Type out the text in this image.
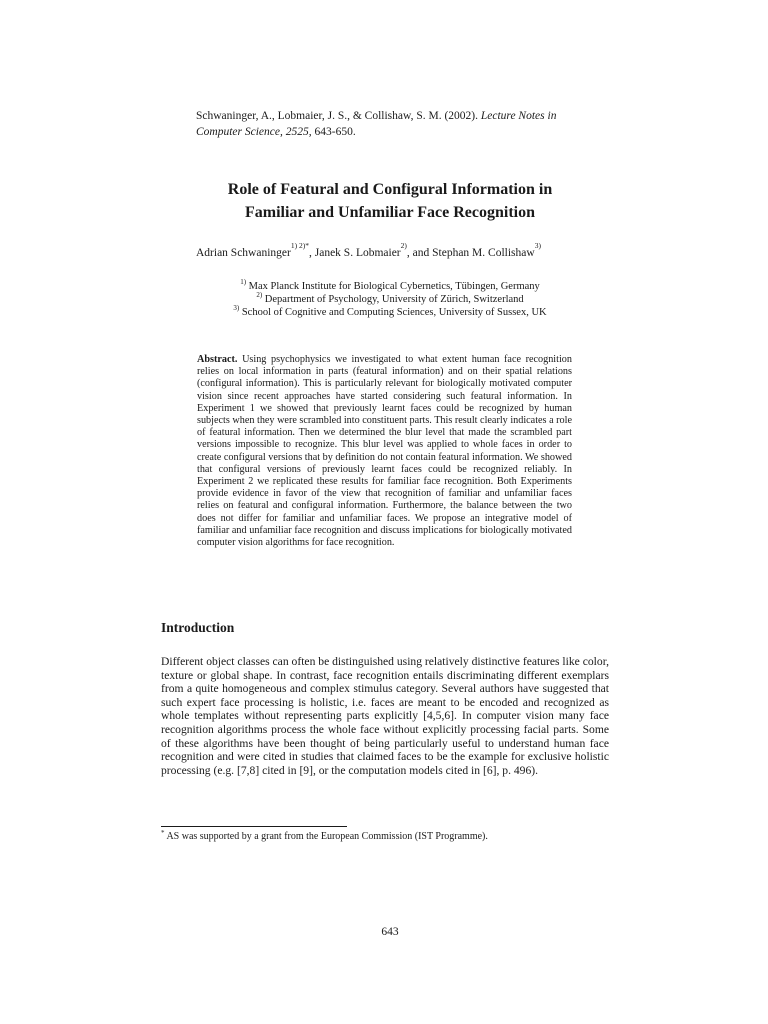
Schwaninger, A., Lobmaier, J. S., & Collishaw, S. M. (2002). Lecture Notes in Computer Science, 2525, 643-650.
Role of Featural and Configural Information in
Familiar and Unfamiliar Face Recognition
Adrian Schwaninger$^{1) 2)*}$, Janek S. Lobmaier$^{2)}$, and Stephan M. Collishaw$^{3)}$
$^{1)}$ Max Planck Institute for Biological Cybernetics, Tübingen, Germany
$^{2)}$ Department of Psychology, University of Zürich, Switzerland
$^{3)}$ School of Cognitive and Computing Sciences, University of Sussex, UK
Abstract. Using psychophysics we investigated to what extent human face recognition relies on local information in parts (featural information) and on their spatial relations (configural information). This is particularly relevant for biologically motivated computer vision since recent approaches have started considering such featural information. In Experiment 1 we showed that previously learnt faces could be recognized by human subjects when they were scrambled into constituent parts. This result clearly indicates a role of featural information. Then we determined the blur level that made the scrambled part versions impossible to recognize. This blur level was applied to whole faces in order to create configural versions that by definition do not contain featural information. We showed that configural versions of previously learnt faces could be recognized reliably. In Experiment 2 we replicated these results for familiar face recognition. Both Experiments provide evidence in favor of the view that recognition of familiar and unfamiliar faces relies on featural and configural information. Furthermore, the balance between the two does not differ for familiar and unfamiliar faces. We propose an integrative model of familiar and unfamiliar face recognition and discuss implications for biologically motivated computer vision algorithms for face recognition.
Introduction
Different object classes can often be distinguished using relatively distinctive features like color, texture or global shape. In contrast, face recognition entails discriminating different exemplars from a quite homogeneous and complex stimulus category. Several authors have suggested that such expert face processing is holistic, i.e. faces are meant to be encoded and recognized as whole templates without representing parts explicitly [4,5,6]. In computer vision many face recognition algorithms process the whole face without explicitly processing facial parts. Some of these algorithms have been thought of being particularly useful to understand human face recognition and were cited in studies that claimed faces to be the example for exclusive holistic processing (e.g. [7,8] cited in [9], or the computation models cited in [6], p. 496).
* AS was supported by a grant from the European Commission (IST Programme).
643
